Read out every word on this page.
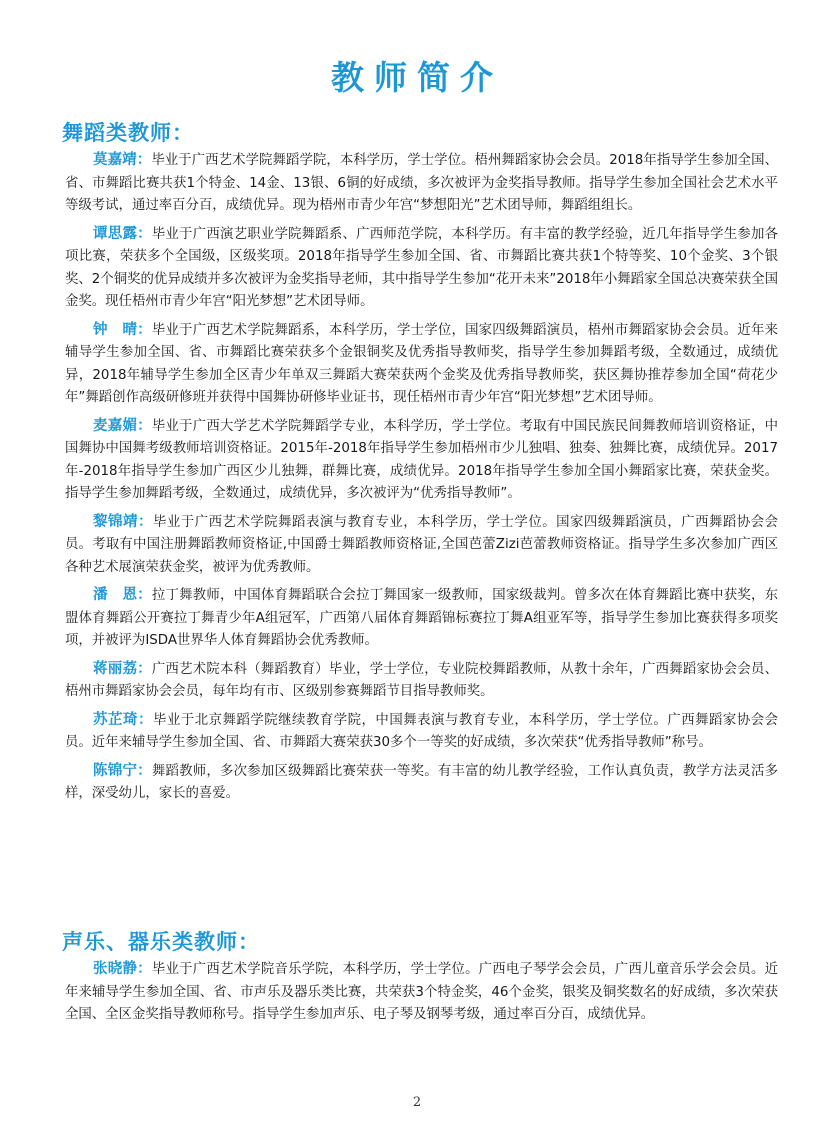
教师简介
舞蹈类教师：

莫嘉靖：毕业于广西艺术学院舞蹈学院，本科学历，学士学位。梧州舞蹈家协会会员。2018年指导学生参加全国、省、市舞蹈比赛共获1个特金、14金、13银、6铜的好成绩，多次被评为金奖指导教师。指导学生参加全国社会艺术水平等级考试，通过率百分百，成绩优异。现为梧州市青少年宫“梦想阳光”艺术团导师，舞蹈组组长。

谭思露：毕业于广西演艺职业学院舞蹈系、广西师范学院，本科学历。有丰富的教学经验，近几年指导学生参加各项比赛，荣获多个全国级，区级奖项。2018年指导学生参加全国、省、市舞蹈比赛共获1个特等奖、10个金奖、3个银奖、2个铜奖的优异成绩并多次被评为金奖指导老师，其中指导学生参加“花开未来”2018年小舞蹈家全国总决赛荣获全国金奖。现任梧州市青少年宫“阳光梦想”艺术团导师。

钟　晴：毕业于广西艺术学院舞蹈系，本科学历，学士学位，国家四级舞蹈演员，梧州市舞蹈家协会会员。近年来辅导学生参加全国、省、市舞蹈比赛荣获多个金银铜奖及优秀指导教师奖，指导学生参加舞蹈考级，全数通过，成绩优异，2018年辅导学生参加全区青少年单双三舞蹈大赛荣获两个金奖及优秀指导教师奖，获区舞协推荐参加全国“荷花少年”舞蹈创作高级研修班并获得中国舞协研修毕业证书，现任梧州市青少年宫“阳光梦想”艺术团导师。

麦嘉媚：毕业于广西大学艺术学院舞蹈学专业，本科学历，学士学位。考取有中国民族民间舞教师培训资格证，中国舞协中国舞考级教师培训资格证。2015年-2018年指导学生参加梧州市少儿独唱、独奏、独舞比赛，成绩优异。2017年-2018年指导学生参加广西区少儿独舞，群舞比赛，成绩优异。2018年指导学生参加全国小舞蹈家比赛，荣获金奖。指导学生参加舞蹈考级，全数通过，成绩优异，多次被评为“优秀指导教师”。

黎锦靖：毕业于广西艺术学院舞蹈表演与教育专业，本科学历，学士学位。国家四级舞蹈演员，广西舞蹈协会会员。考取有中国注册舞蹈教师资格证,中国爵士舞蹈教师资格证,全国芭蕾Zizi芭蕾教师资格证。指导学生多次参加广西区各种艺术展演荣获金奖，被评为优秀教师。

潘　恩：拉丁舞教师，中国体育舞蹈联合会拉丁舞国家一级教师，国家级裁判。曾多次在体育舞蹈比赛中获奖，东盟体育舞蹈公开赛拉丁舞青少年A组冠军，广西第八届体育舞蹈锦标赛拉丁舞A组亚军等，指导学生参加比赛获得多项奖项，并被评为ISDA世界华人体育舞蹈协会优秀教师。

蒋丽荔：广西艺术院本科（舞蹈教育）毕业，学士学位，专业院校舞蹈教师，从教十余年，广西舞蹈家协会会员、梧州市舞蹈家协会会员，每年均有市、区级别参赛舞蹈节目指导教师奖。

苏芷琦：毕业于北京舞蹈学院继续教育学院，中国舞表演与教育专业，本科学历，学士学位。广西舞蹈家协会会员。近年来辅导学生参加全国、省、市舞蹈大赛荣获30多个一等奖的好成绩，多次荣获“优秀指导教师”称号。

陈锦宁：舞蹈教师，多次参加区级舞蹈比赛荣获一等奖。有丰富的幼儿教学经验，工作认真负责，教学方法灵活多样，深受幼儿，家长的喜爱。

声乐、器乐类教师：

张晓静：毕业于广西艺术学院音乐学院，本科学历，学士学位。广西电子琴学会会员，广西儿童音乐学会会员。近年来辅导学生参加全国、省、市声乐及器乐类比赛，共荣获3个特金奖，46个金奖，银奖及铜奖数名的好成绩，多次荣获全国、全区金奖指导教师称号。指导学生参加声乐、电子琴及钢琴考级，通过率百分百，成绩优异。

2
